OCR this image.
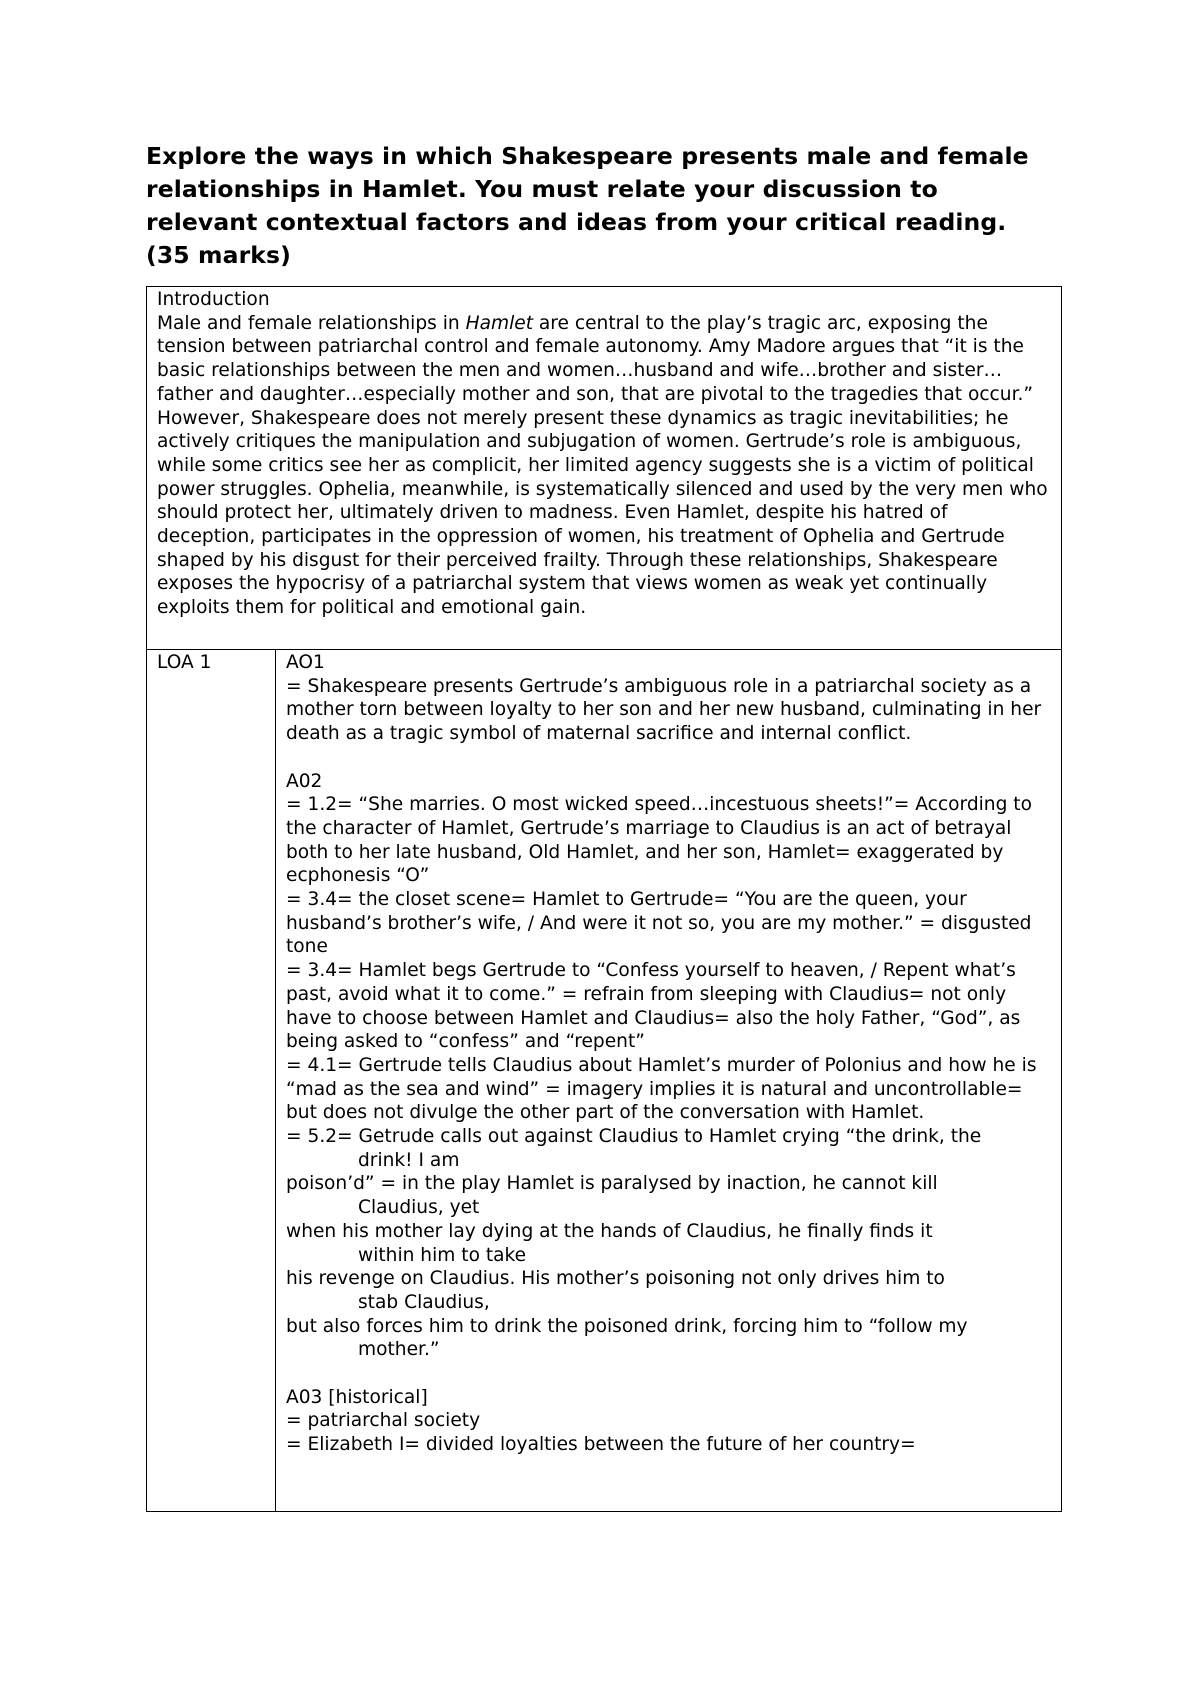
Explore the ways in which Shakespeare presents male and female
relationships in Hamlet. You must relate your discussion to
relevant contextual factors and ideas from your critical reading.
(35 marks)
Introduction
Male and female relationships in Hamlet are central to the play’s tragic arc, exposing the tension between patriarchal control and female autonomy. Amy Madore argues that “it is the basic relationships between the men and women…husband and wife…brother and sister…father and daughter…especially mother and son, that are pivotal to the tragedies that occur.” However, Shakespeare does not merely present these dynamics as tragic inevitabilities; he actively critiques the manipulation and subjugation of women. Gertrude’s role is ambiguous, while some critics see her as complicit, her limited agency suggests she is a victim of political power struggles. Ophelia, meanwhile, is systematically silenced and used by the very men who should protect her, ultimately driven to madness. Even Hamlet, despite his hatred of deception, participates in the oppression of women, his treatment of Ophelia and Gertrude shaped by his disgust for their perceived frailty. Through these relationships, Shakespeare exposes the hypocrisy of a patriarchal system that views women as weak yet continually exploits them for political and emotional gain.

LOA 1	AO1
= Shakespeare presents Gertrude’s ambiguous role in a patriarchal society as a mother torn between loyalty to her son and her new husband, culminating in her death as a tragic symbol of maternal sacrifice and internal conflict.
A02
= 1.2= “She marries. O most wicked speed…incestuous sheets!”= According to the character of Hamlet, Gertrude’s marriage to Claudius is an act of betrayal both to her late husband, Old Hamlet, and her son, Hamlet= exaggerated by ecphonesis “O”
= 3.4= the closet scene= Hamlet to Gertrude= “You are the queen, your husband’s brother’s wife, / And were it not so, you are my mother.” = disgusted tone
= 3.4= Hamlet begs Gertrude to “Confess yourself to heaven, / Repent what’s past, avoid what it to come.” = refrain from sleeping with Claudius= not only have to choose between Hamlet and Claudius= also the holy Father, “God”, as being asked to “confess” and “repent”
= 4.1= Gertrude tells Claudius about Hamlet’s murder of Polonius and how he is “mad as the sea and wind” = imagery implies it is natural and uncontrollable= but does not divulge the other part of the conversation with Hamlet.
= 5.2= Getrude calls out against Claudius to Hamlet crying “the drink, the
drink! I am
poison’d” = in the play Hamlet is paralysed by inaction, he cannot kill
Claudius, yet
when his mother lay dying at the hands of Claudius, he finally finds it
within him to take
his revenge on Claudius. His mother’s poisoning not only drives him to
stab Claudius,
but also forces him to drink the poisoned drink, forcing him to “follow my
mother.”
A03 [historical]
= patriarchal society
= Elizabeth I= divided loyalties between the future of her country=
